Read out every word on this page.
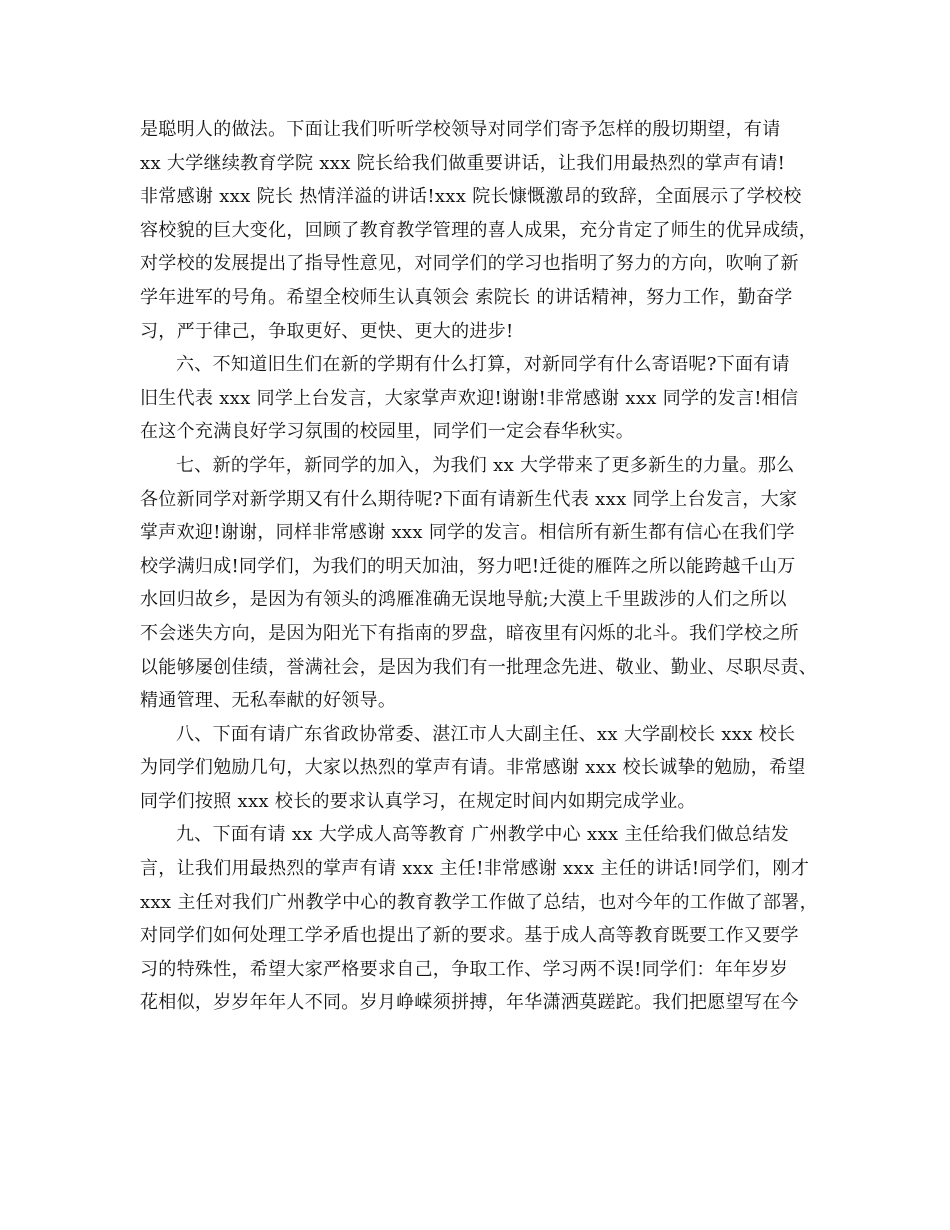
是聪明人的做法。下面让我们听听学校领导对同学们寄予怎样的殷切期望，有请
xx 大学继续教育学院 xxx 院长给我们做重要讲话，让我们用最热烈的掌声有请!
非常感谢 xxx 院长 热情洋溢的讲话!xxx 院长慷慨激昂的致辞，全面展示了学校校
容校貌的巨大变化，回顾了教育教学管理的喜人成果，充分肯定了师生的优异成绩，
对学校的发展提出了指导性意见，对同学们的学习也指明了努力的方向，吹响了新
学年进军的号角。希望全校师生认真领会 索院长 的讲话精神，努力工作，勤奋学
习，严于律己，争取更好、更快、更大的进步!
六、不知道旧生们在新的学期有什么打算，对新同学有什么寄语呢?下面有请
旧生代表 xxx 同学上台发言，大家掌声欢迎!谢谢!非常感谢 xxx 同学的发言!相信
在这个充满良好学习氛围的校园里，同学们一定会春华秋实。
七、新的学年，新同学的加入，为我们 xx 大学带来了更多新生的力量。那么
各位新同学对新学期又有什么期待呢?下面有请新生代表 xxx 同学上台发言，大家
掌声欢迎!谢谢，同样非常感谢 xxx 同学的发言。相信所有新生都有信心在我们学
校学满归成!同学们，为我们的明天加油，努力吧!迁徙的雁阵之所以能跨越千山万
水回归故乡，是因为有领头的鸿雁准确无误地导航;大漠上千里跋涉的人们之所以
不会迷失方向，是因为阳光下有指南的罗盘，暗夜里有闪烁的北斗。我们学校之所
以能够屡创佳绩，誉满社会，是因为我们有一批理念先进、敬业、勤业、尽职尽责、
精通管理、无私奉献的好领导。
八、下面有请广东省政协常委、湛江市人大副主任、xx 大学副校长 xxx 校长
为同学们勉励几句，大家以热烈的掌声有请。非常感谢 xxx 校长诚挚的勉励，希望
同学们按照 xxx 校长的要求认真学习，在规定时间内如期完成学业。
九、下面有请 xx 大学成人高等教育 广州教学中心 xxx 主任给我们做总结发
言，让我们用最热烈的掌声有请 xxx 主任!非常感谢 xxx 主任的讲话!同学们，刚才
xxx 主任对我们广州教学中心的教育教学工作做了总结，也对今年的工作做了部署，
对同学们如何处理工学矛盾也提出了新的要求。基于成人高等教育既要工作又要学
习的特殊性，希望大家严格要求自己，争取工作、学习两不误!同学们：年年岁岁
花相似，岁岁年年人不同。岁月峥嵘须拼搏，年华潇洒莫蹉跎。我们把愿望写在今
